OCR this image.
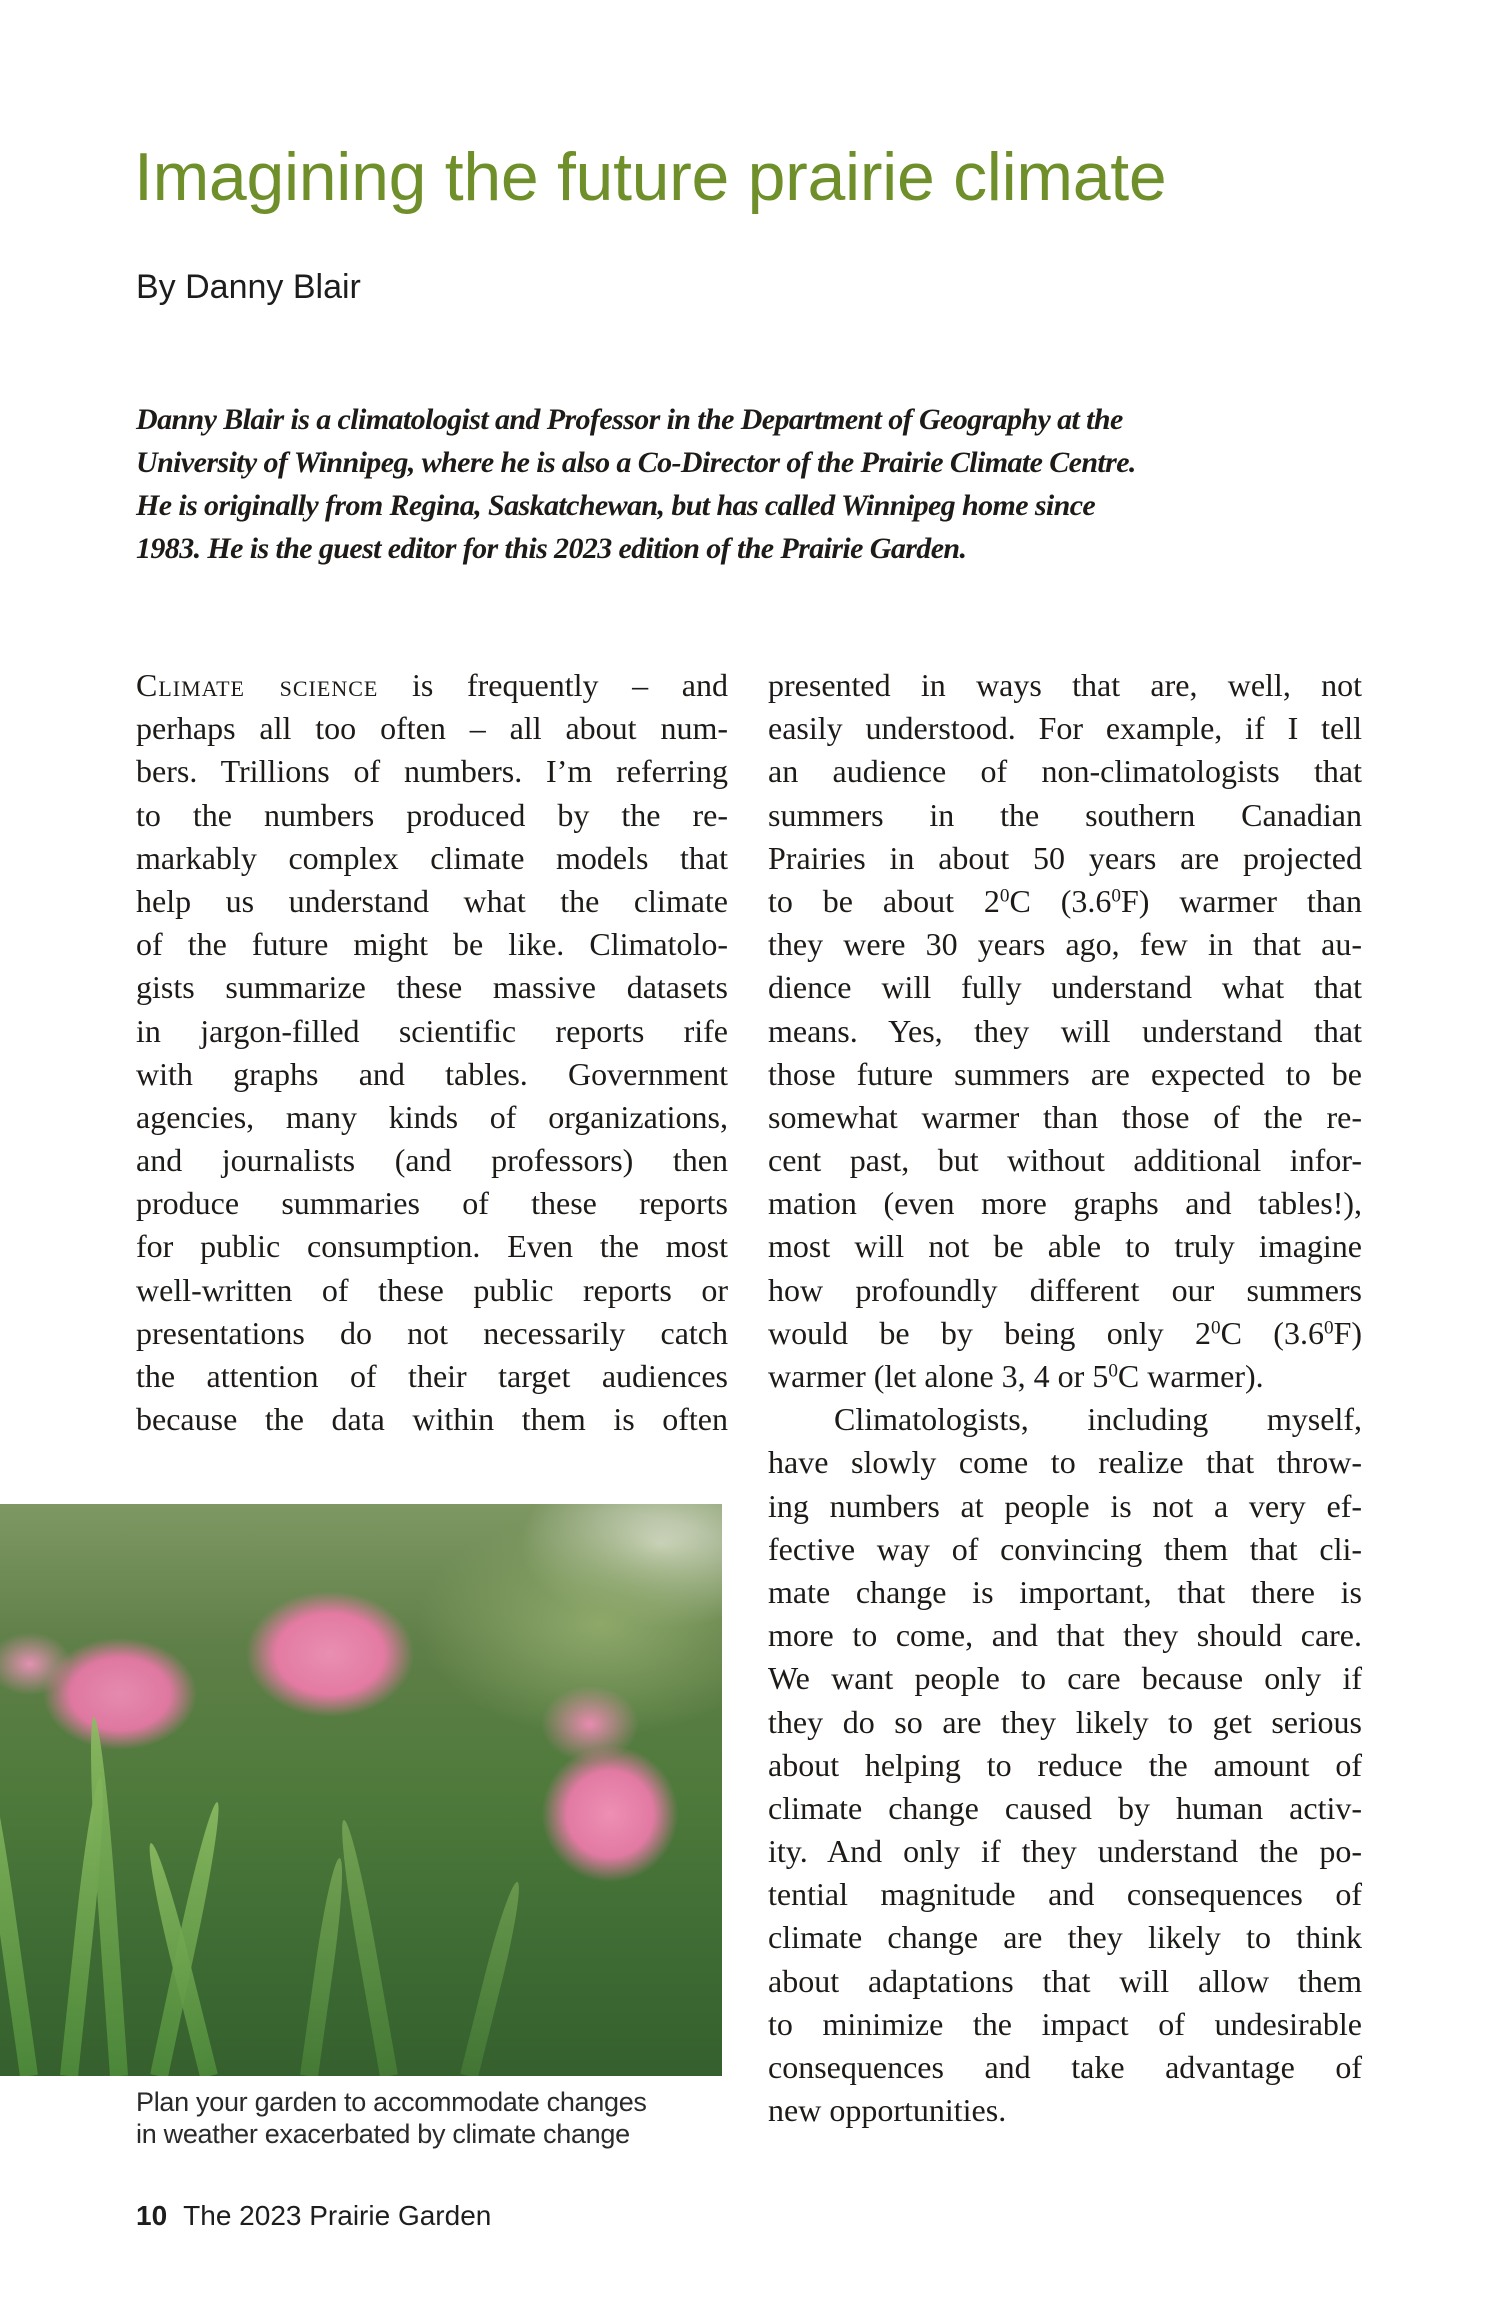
Imagining the future prairie climate

By Danny Blair

Danny Blair is a climatologist and Professor in the Department of Geography at the
University of Winnipeg, where he is also a Co-Director of the Prairie Climate Centre.
He is originally from Regina, Saskatchewan, but has called Winnipeg home since
1983. He is the guest editor for this 2023 edition of the Prairie Garden.

Climate science is frequently – and
perhaps all too often – all about num-
bers. Trillions of numbers. I’m referring
to the numbers produced by the re-
markably complex climate models that
help us understand what the climate
of the future might be like. Climatolo-
gists summarize these massive datasets
in jargon-filled scientific reports rife
with graphs and tables. Government
agencies, many kinds of organizations,
and journalists (and professors) then
produce summaries of these reports
for public consumption. Even the most
well-written of these public reports or
presentations do not necessarily catch
the attention of their target audiences
because the data within them is often
presented in ways that are, well, not
easily understood. For example, if I tell
an audience of non-climatologists that
summers in the southern Canadian
Prairies in about 50 years are projected
to be about $2^0C$ $(3.6^0F)$ warmer than
they were 30 years ago, few in that au-
dience will fully understand what that
means. Yes, they will understand that
those future summers are expected to be
somewhat warmer than those of the re-
cent past, but without additional infor-
mation (even more graphs and tables!),
most will not be able to truly imagine
how profoundly different our summers
would be by being only $2^0C$ $(3.6^0F)$
warmer (let alone 3, 4 or $5^0C$ warmer).
Climatologists, including myself,
have slowly come to realize that throw-
ing numbers at people is not a very ef-
fective way of convincing them that cli-
mate change is important, that there is
more to come, and that they should care.
We want people to care because only if
they do so are they likely to get serious
about helping to reduce the amount of
climate change caused by human activ-
ity. And only if they understand the po-
tential magnitude and consequences of
climate change are they likely to think
about adaptations that will allow them
to minimize the impact of undesirable
consequences and take advantage of
new opportunities.

Plan your garden to accommodate changes
in weather exacerbated by climate change

10 The 2023 Prairie Garden
